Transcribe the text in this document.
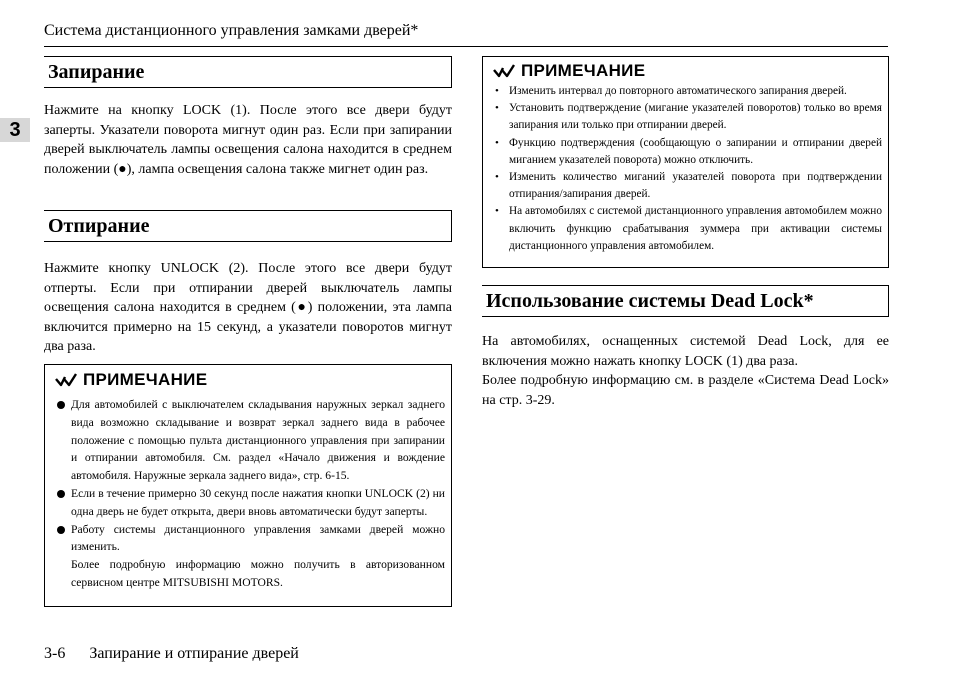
Система дистанционного управления замками дверей*
3
Запирание

Нажмите на кнопку LOCK (1). После этого все двери будут заперты. Указатели поворота мигнут один раз. Если при запирании дверей выключатель лампы освещения салона находится в среднем положении (●), лампа освещения салона также мигнет один раз.

Отпирание

Нажмите кнопку UNLOCK (2). После этого все двери будут отперты. Если при отпирании дверей выключатель лампы освещения салона находится в среднем (●) положении, эта лампа включится примерно на 15 секунд, а указатели поворотов мигнут два раза.

ПРИМЕЧАНИЕ
Для автомобилей с выключателем складывания наружных зеркал заднего вида возможно складывание и возврат зеркал заднего вида в рабочее положение с помощью пульта дистанционного управления при запирании и отпирании автомобиля. См. раздел «Начало движения и вождение автомобиля. Наружные зеркала заднего вида», стр. 6-15.
Если в течение примерно 30 секунд после нажатия кнопки UNLOCK (2) ни одна дверь не будет открыта, двери вновь автоматически будут заперты.
Работу системы дистанционного управления замками дверей можно изменить.
Более подробную информацию можно получить в авторизованном сервисном центре MITSUBISHI MOTORS.
ПРИМЕЧАНИЕ
• Изменить интервал до повторного автоматического запирания дверей.
• Установить подтверждение (мигание указателей поворотов) только во время запирания или только при отпирании дверей.
• Функцию подтверждения (сообщающую о запирании и отпирании дверей миганием указателей поворота) можно отключить.
• Изменить количество миганий указателей поворота при подтверждении отпирания/запирания дверей.
• На автомобилях с системой дистанционного управления автомобилем можно включить функцию срабатывания зуммера при активации системы дистанционного управления автомобилем.
Использование системы Dead Lock*

На автомобилях, оснащенных системой Dead Lock, для ее включения можно нажать кнопку LOCK (1) два раза.

Более подробную информацию см. в разделе «Система Dead Lock» на стр. 3-29.

3-6 Запирание и отпирание дверей
